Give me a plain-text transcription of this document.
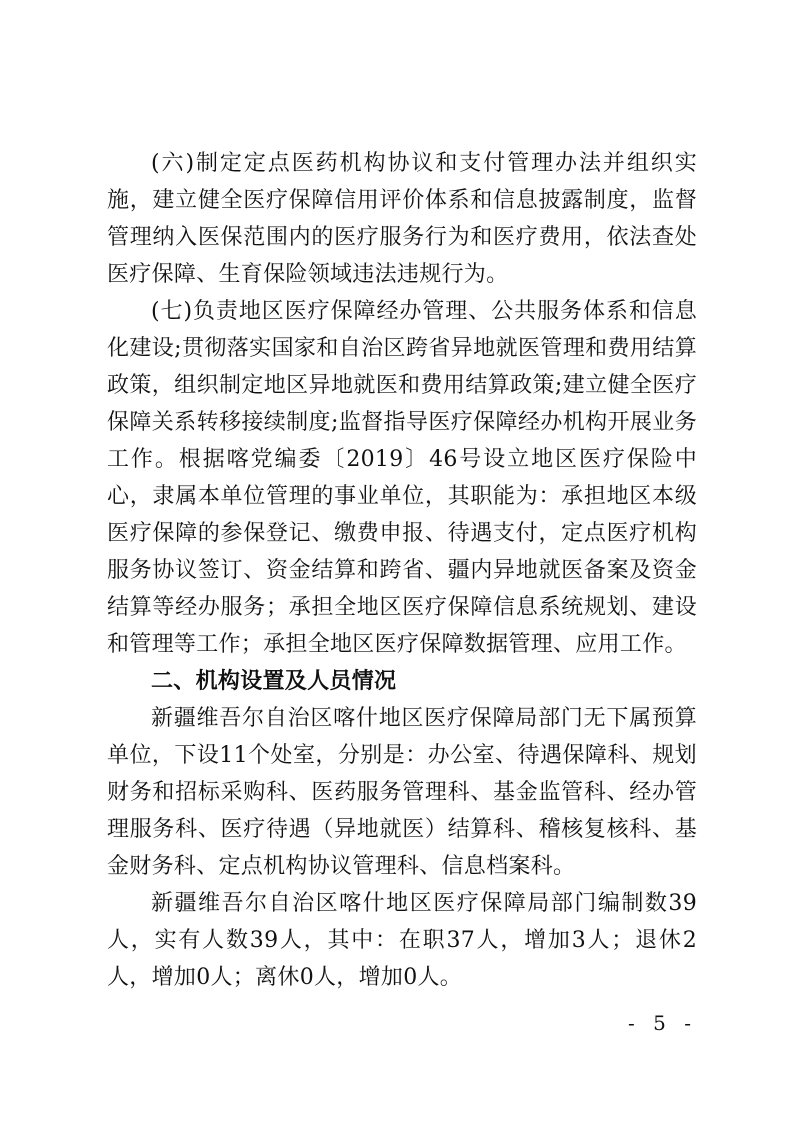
(六)制定定点医药机构协议和支付管理办法并组织实施，建立健全医疗保障信用评价体系和信息披露制度，监督管理纳入医保范围内的医疗服务行为和医疗费用，依法查处医疗保障、生育保险领域违法违规行为。

(七)负责地区医疗保障经办管理、公共服务体系和信息化建设;贯彻落实国家和自治区跨省异地就医管理和费用结算政策，组织制定地区异地就医和费用结算政策;建立健全医疗保障关系转移接续制度;监督指导医疗保障经办机构开展业务工作。根据喀党编委〔2019〕46号设立地区医疗保险中心，隶属本单位管理的事业单位，其职能为：承担地区本级医疗保障的参保登记、缴费申报、待遇支付，定点医疗机构服务协议签订、资金结算和跨省、疆内异地就医备案及资金结算等经办服务；承担全地区医疗保障信息系统规划、建设和管理等工作；承担全地区医疗保障数据管理、应用工作。

二、机构设置及人员情况

新疆维吾尔自治区喀什地区医疗保障局部门无下属预算单位，下设11个处室，分别是：办公室、待遇保障科、规划财务和招标采购科、医药服务管理科、基金监管科、经办管理服务科、医疗待遇（异地就医）结算科、稽核复核科、基金财务科、定点机构协议管理科、信息档案科。

新疆维吾尔自治区喀什地区医疗保障局部门编制数39人，实有人数39人，其中：在职37人，增加3人；退休2人，增加0人；离休0人，增加0人。

- 5 -
